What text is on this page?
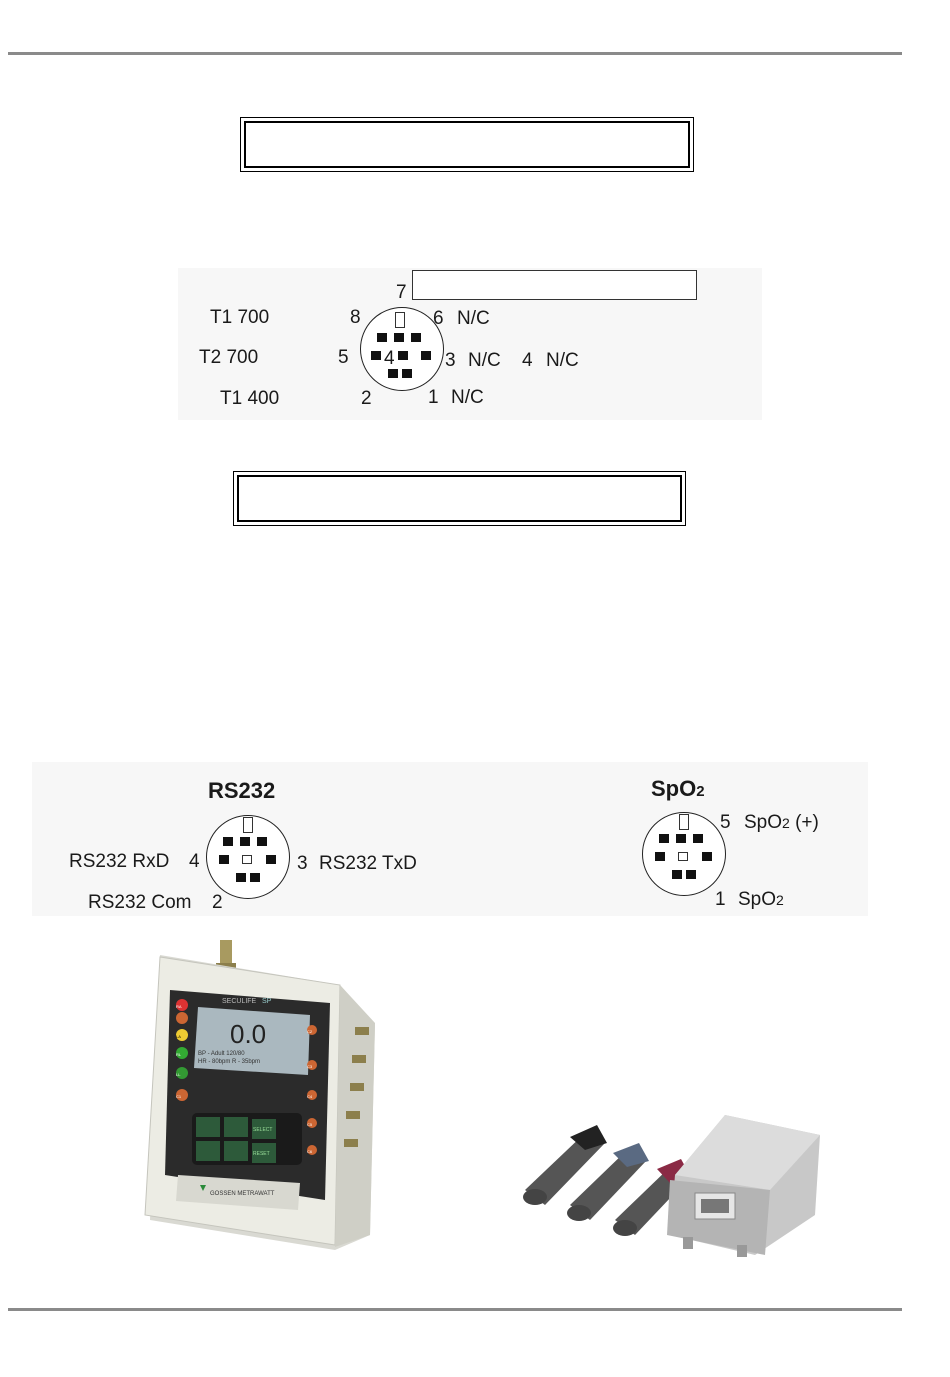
7
T1 700	8	6 N/C
T2 700	5	3 N/C 4 N/C
T1 400	2	1 N/C
4
RS232
RS232 RxD 4	3 RS232 TxD
RS232 Com 2
SpO2
5 SpO2 (+)
1 SpO2
SECULIFE SP
0.0
BP - Adult 120/80
HR - 80bpm R - 35bpm
SELECT
RESET
GOSSEN METRAWATT
RA
LA
RL
LL
C1
C2
C3
C4
C5
C6
